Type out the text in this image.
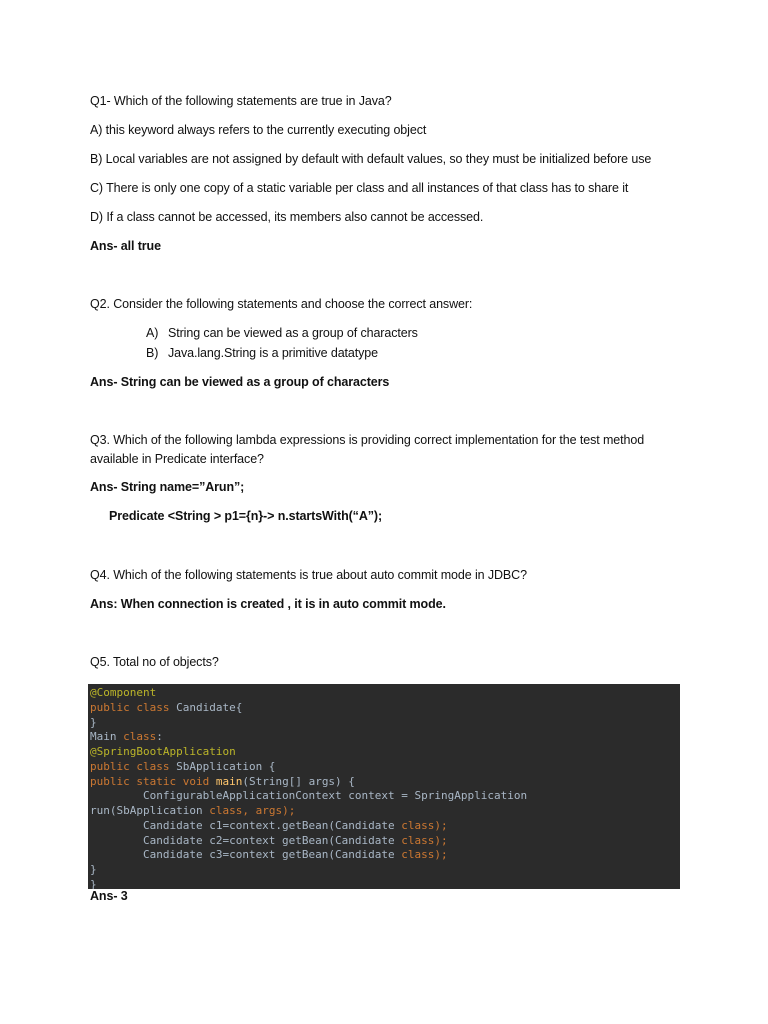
Q1- Which of the following statements are true in Java?
A) this keyword always refers to the currently executing object
B) Local variables are not assigned by default with default values, so they must be initialized before use
C) There is only one copy of a static variable per class and all instances of that class has to share it
D) If a class cannot be accessed, its members also cannot be accessed.
Ans- all true
Q2. Consider the following statements and choose the correct answer:
A) String can be viewed as a group of characters
B) Java.lang.String is a primitive datatype
Ans- String can be viewed as a group of characters
Q3. Which of the following lambda expressions is providing correct implementation for the test method available in Predicate interface?
Ans- String name=”Arun”;
Predicate <String > p1={n}-> n.startsWith(“A”);
Q4. Which of the following statements is true about auto commit mode in JDBC?
Ans: When connection is created , it is in auto commit mode.
Q5. Total no of objects?
@Component
public class Candidate{
}
Main class:
@SpringBootApplication
public class SbApplication {
public static void main(String[] args) {
ConfigurableApplicationContext context = SpringApplication
run(SbApplication class, args);
Candidate c1=context.getBean(Candidate class);
Candidate c2=context getBean(Candidate class);
Candidate c3=context getBean(Candidate class);
}
}
Ans- 3
